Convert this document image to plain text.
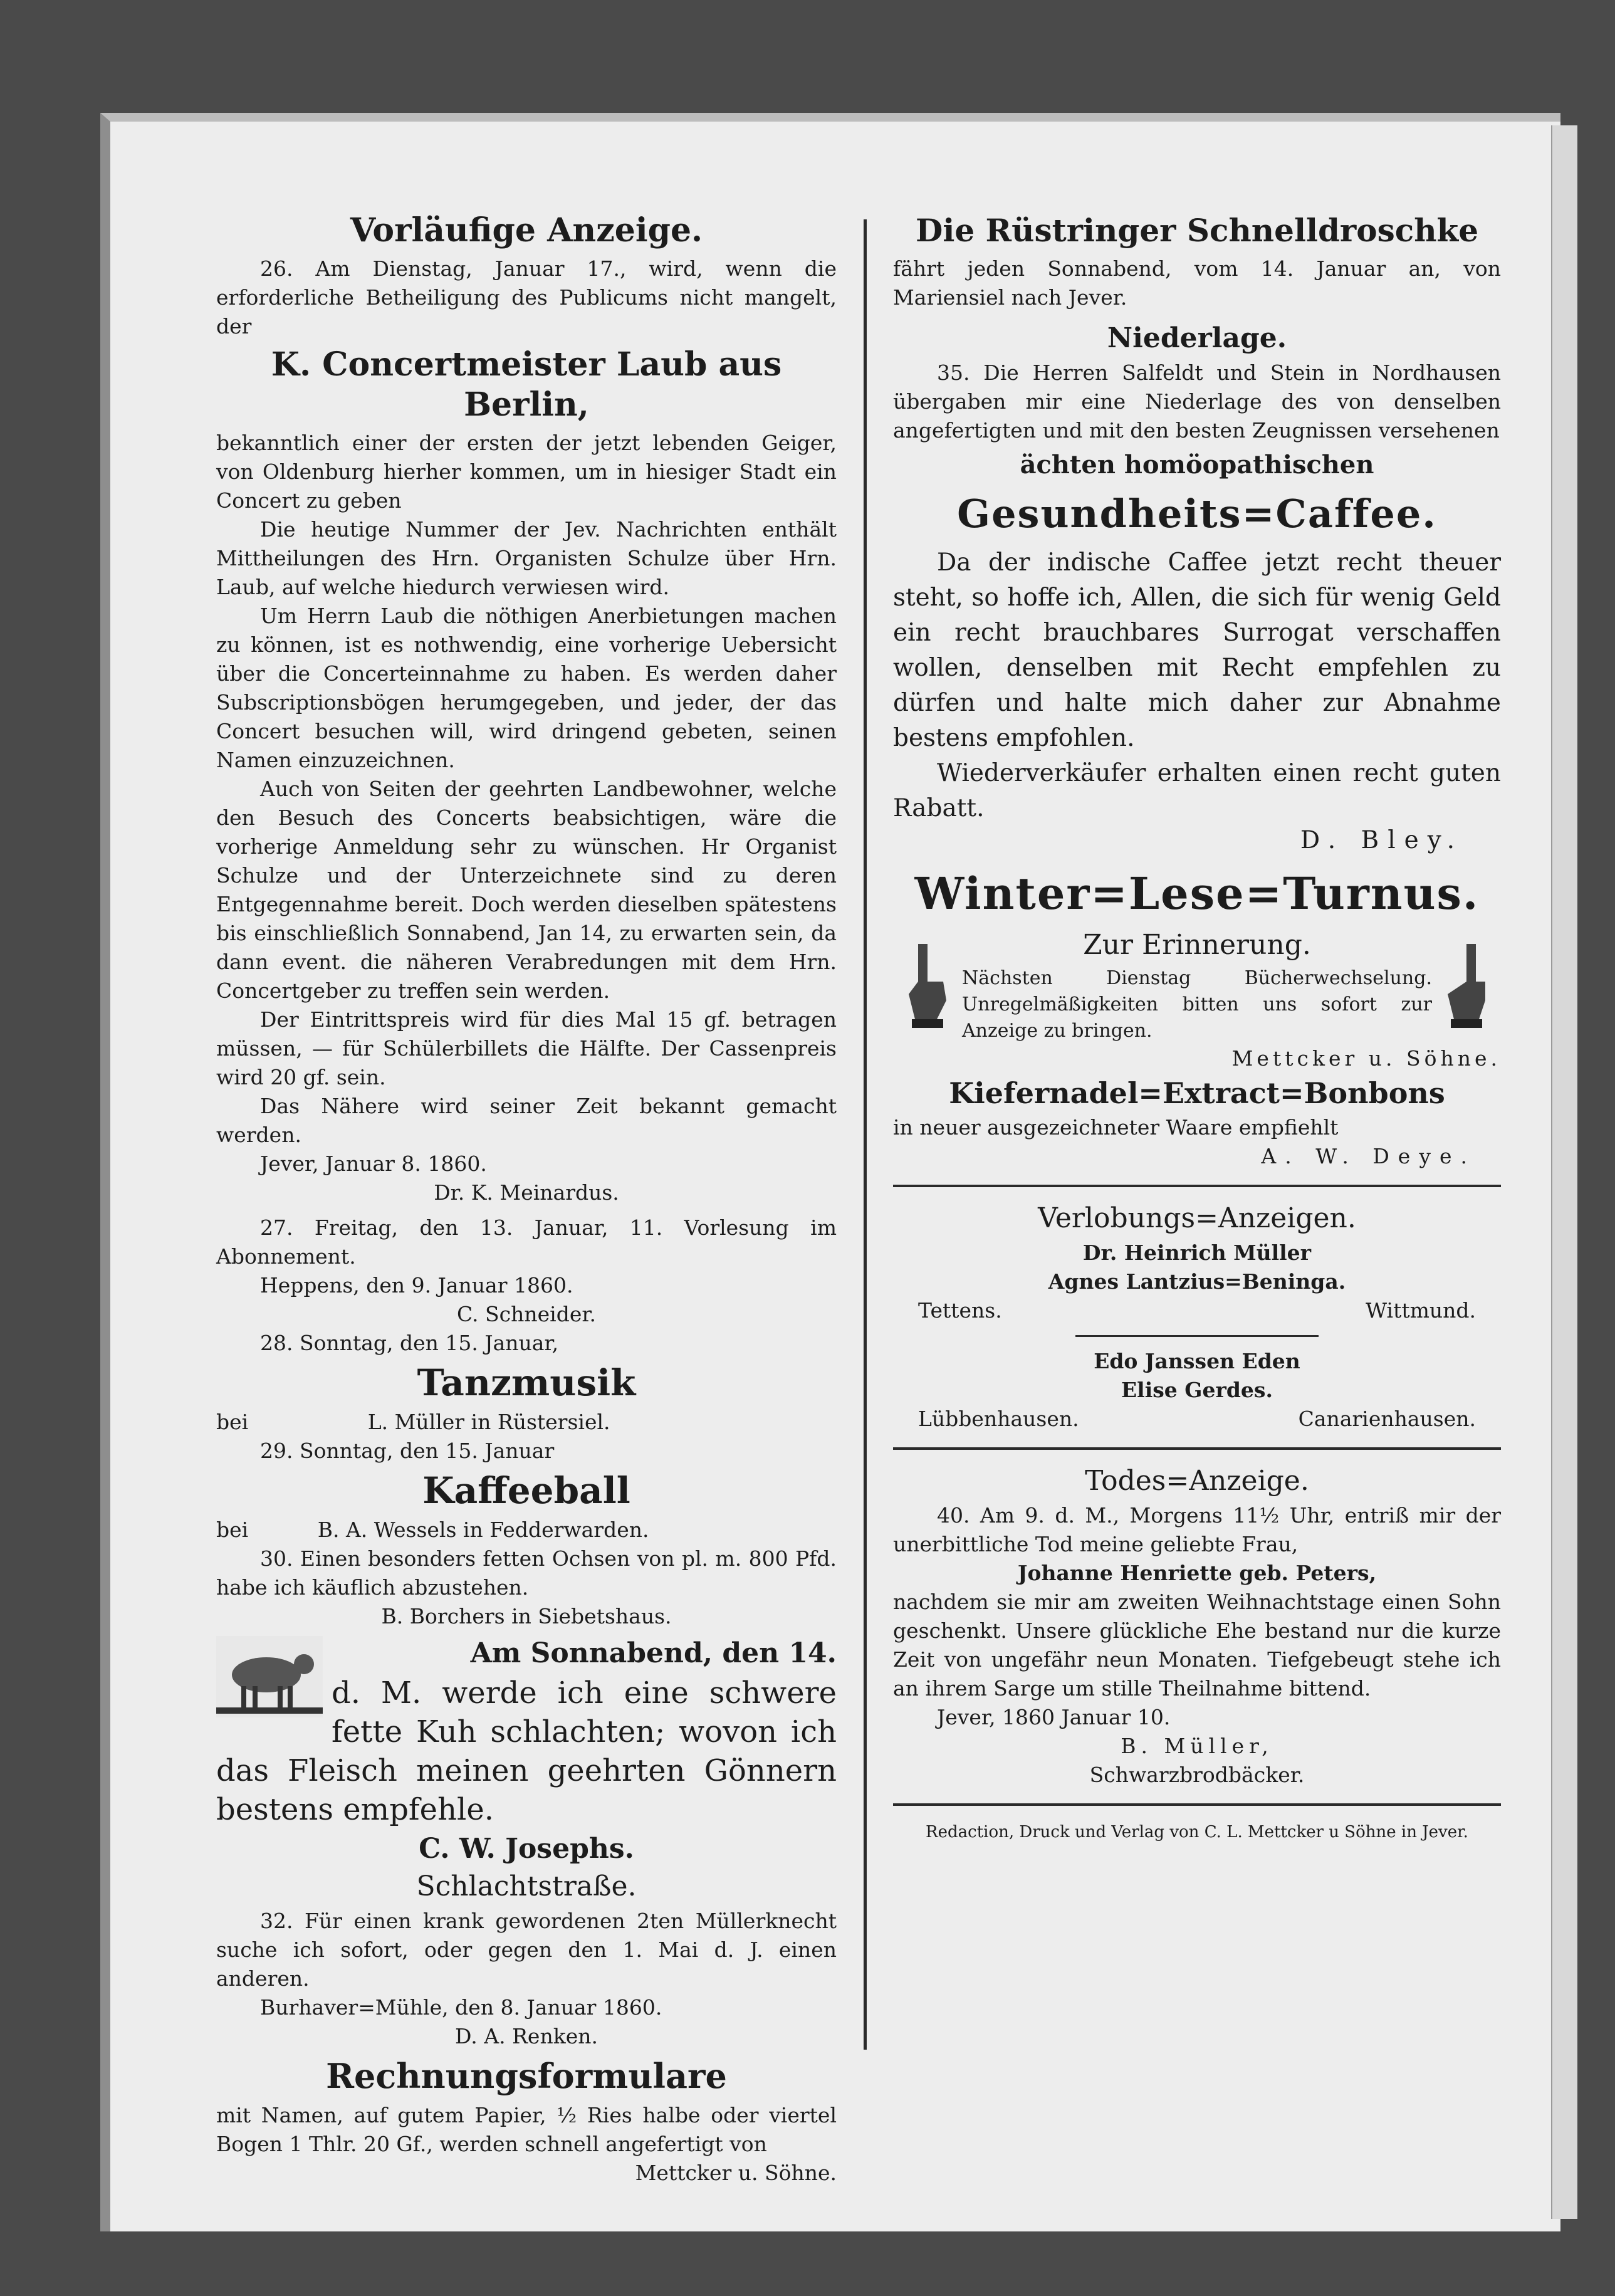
Vorläufige Anzeige.

26. Am Dienstag, Januar 17., wird, wenn die erforderliche Betheiligung des Publicums nicht mangelt, der

K. Concertmeister Laub aus Berlin,

bekanntlich einer der ersten der jetzt lebenden Geiger, von Oldenburg hierher kommen, um in hiesiger Stadt ein Concert zu geben

Die heutige Nummer der Jev. Nachrichten enthält Mittheilungen des Hrn. Organisten Schulze über Hrn. Laub, auf welche hiedurch verwiesen wird.

Um Herrn Laub die nöthigen Anerbietungen machen zu können, ist es nothwendig, eine vorherige Uebersicht über die Concerteinnahme zu haben. Es werden daher Subscriptionsbögen herumgegeben, und jeder, der das Concert besuchen will, wird dringend gebeten, seinen Namen einzuzeichnen.

Auch von Seiten der geehrten Landbewohner, welche den Besuch des Concerts beabsichtigen, wäre die vorherige Anmeldung sehr zu wünschen. Hr Organist Schulze und der Unterzeichnete sind zu deren Entgegennahme bereit. Doch werden dieselben spätestens bis einschließlich Sonnabend, Jan 14, zu erwarten sein, da dann event. die näheren Verabredungen mit dem Hrn. Concertgeber zu treffen sein werden.

Der Eintrittspreis wird für dies Mal 15 gf. betragen müssen, — für Schülerbillets die Hälfte. Der Cassenpreis wird 20 gf. sein.

Das Nähere wird seiner Zeit bekannt gemacht werden.

Jever, Januar 8. 1860.

Dr. K. Meinardus.

27. Freitag, den 13. Januar, 11. Vorlesung im Abonnement.

Heppens, den 9. Januar 1860.

C. Schneider.

28. Sonntag, den 15. Januar,

Tanzmusik

bei	L. Müller in Rüstersiel.

29. Sonntag, den 15. Januar

Kaffeeball

bei	B. A. Wessels in Fedderwarden.

30. Einen besonders fetten Ochsen von pl. m. 800 Pfd. habe ich käuflich abzustehen.

B. Borchers in Siebetshaus.

Am Sonnabend, den 14.

d. M. werde ich eine schwere fette Kuh schlachten; wovon ich das Fleisch meinen geehrten Gönnern bestens empfehle.

C. W. Josephs.
Schlachtstraße.

32. Für einen krank gewordenen 2ten Müllerknecht suche ich sofort, oder gegen den 1. Mai d. J. einen anderen.

Burhaver=Mühle, den 8. Januar 1860.

D. A. Renken.

Rechnungsformulare

mit Namen, auf gutem Papier, ½ Ries halbe oder viertel Bogen 1 Thlr. 20 Gf., werden schnell angefertigt von

Mettcker u. Söhne.

Die Rüstringer Schnelldroschke

fährt jeden Sonnabend, vom 14. Januar an, von Mariensiel nach Jever.

Niederlage.

35. Die Herren Salfeldt und Stein in Nordhausen übergaben mir eine Niederlage des von denselben angefertigten und mit den besten Zeugnissen versehenen

ächten homöopathischen
Gesundheits=Caffee.

Da der indische Caffee jetzt recht theuer steht, so hoffe ich, Allen, die sich für wenig Geld ein recht brauchbares Surrogat verschaffen wollen, denselben mit Recht empfehlen zu dürfen und halte mich daher zur Abnahme bestens empfohlen.

Wiederverkäufer erhalten einen recht guten Rabatt.

D. Bley.

Winter=Lese=Turnus.
Zur Erinnerung.

Nächsten Dienstag Bücherwechselung. Unregelmäßigkeiten bitten uns sofort zur Anzeige zu bringen.

Mettcker u. Söhne.

Kiefernadel=Extract=Bonbons

in neuer ausgezeichneter Waare empfiehlt

A. W. Deye.

Verlobungs=Anzeigen.

Dr. Heinrich Müller

Agnes Lantzius=Beninga.

Tettens.	Wittmund.

Edo Janssen Eden

Elise Gerdes.

Lübbenhausen.	Canarienhausen.

Todes=Anzeige.

40. Am 9. d. M., Morgens 11½ Uhr, entriß mir der unerbittliche Tod meine geliebte Frau,

Johanne Henriette geb. Peters,

nachdem sie mir am zweiten Weihnachtstage einen Sohn geschenkt. Unsere glückliche Ehe bestand nur die kurze Zeit von ungefähr neun Monaten. Tiefgebeugt stehe ich an ihrem Sarge um stille Theilnahme bittend.

Jever, 1860 Januar 10.

B. Müller,

Schwarzbrodbäcker.

Redaction, Druck und Verlag von C. L. Mettcker u Söhne in Jever.
